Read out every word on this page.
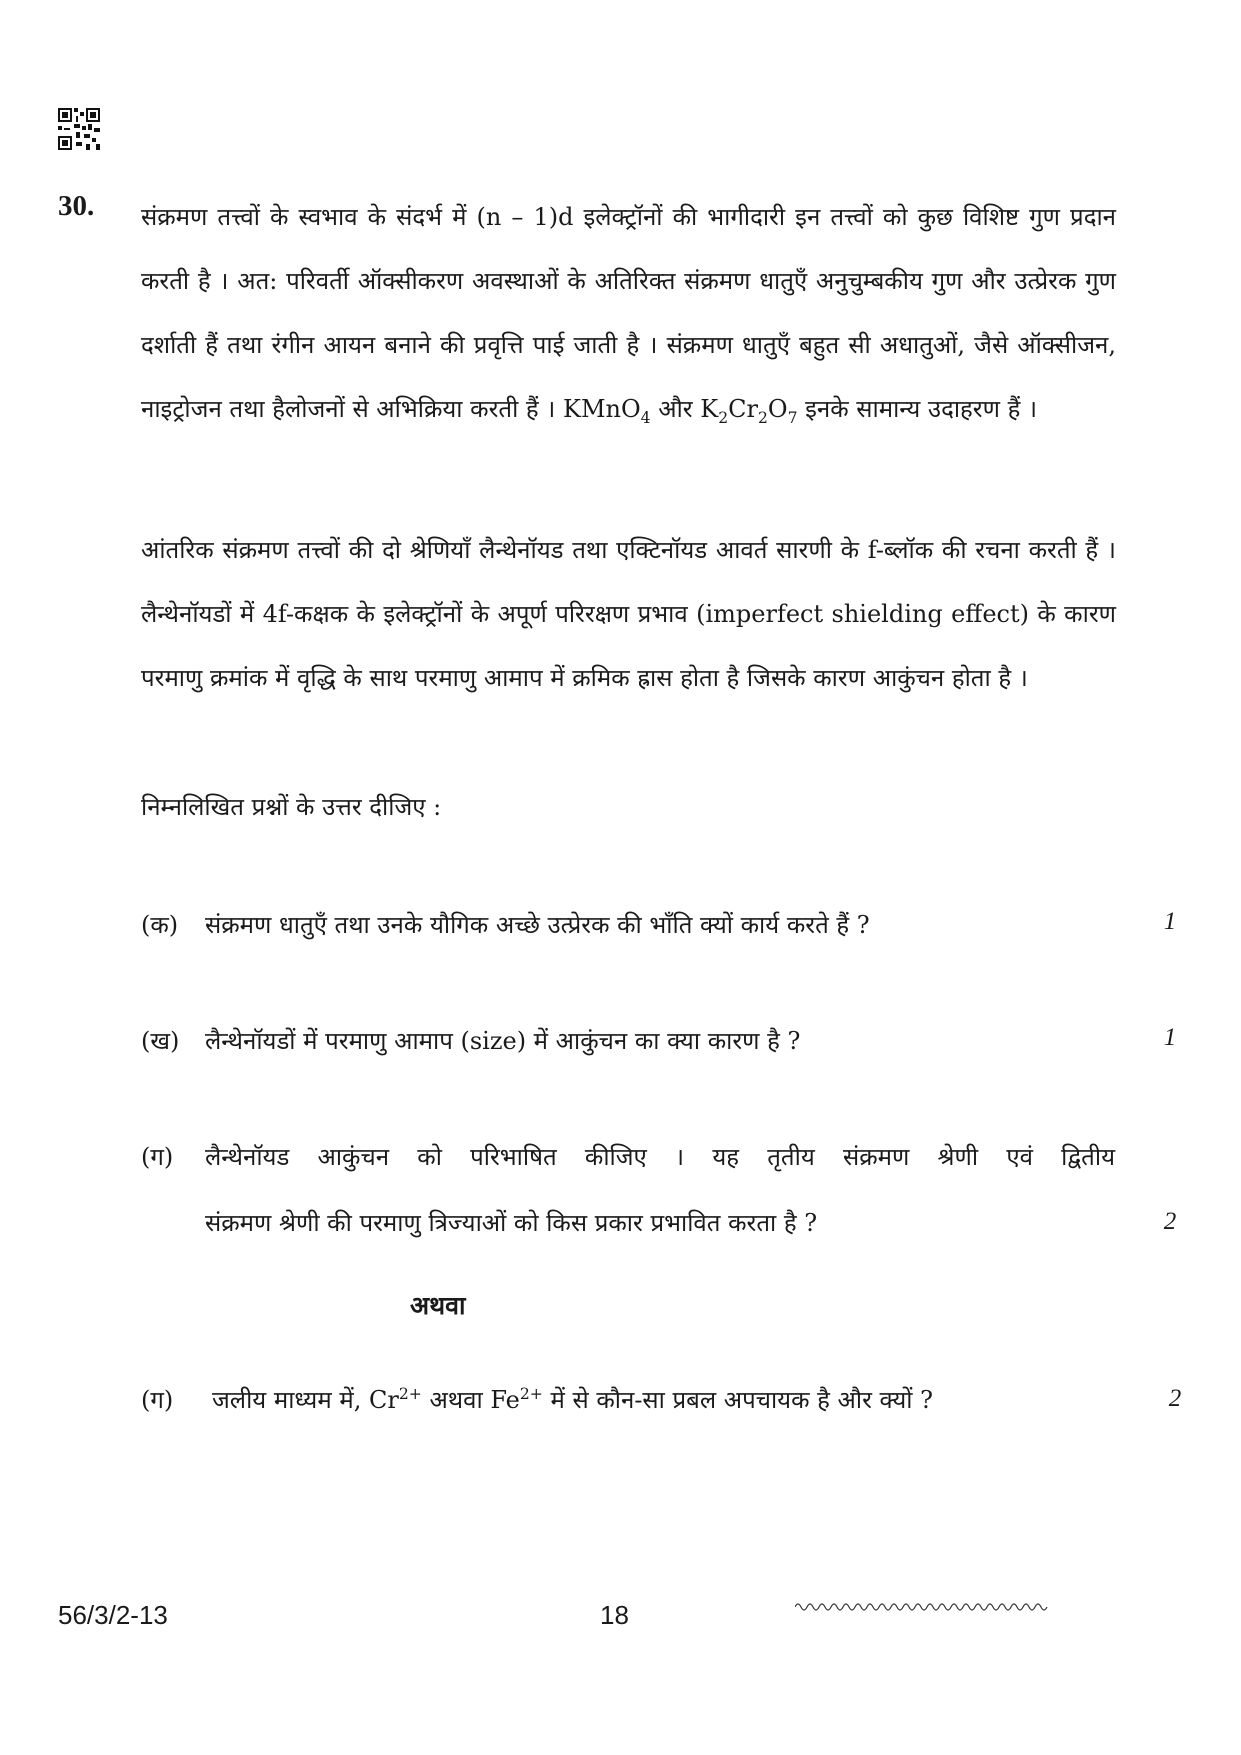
30. संक्रमण तत्त्वों के स्वभाव के संदर्भ में (n – 1)d इलेक्ट्रॉनों की भागीदारी इन तत्त्वों को कुछ विशिष्ट गुण प्रदान करती है । अत: परिवर्ती ऑक्सीकरण अवस्थाओं के अतिरिक्त संक्रमण धातुएँ अनुचुम्बकीय गुण और उत्प्रेरक गुण दर्शाती हैं तथा रंगीन आयन बनाने की प्रवृत्ति पाई जाती है । संक्रमण धातुएँ बहुत सी अधातुओं, जैसे ऑक्सीजन, नाइट्रोजन तथा हैलोजनों से अभिक्रिया करती हैं । KMnO$_4$ और $K_2Cr_2O_7$ इनके सामान्य उदाहरण हैं ।
आंतरिक संक्रमण तत्त्वों की दो श्रेणियाँ लैन्थेनॉयड तथा एक्टिनॉयड आवर्त सारणी के f-ब्लॉक की रचना करती हैं । लैन्थेनॉयडों में 4f-कक्षक के इलेक्ट्रॉनों के अपूर्ण परिरक्षण प्रभाव (imperfect shielding effect) के कारण परमाणु क्रमांक में वृद्धि के साथ परमाणु आमाप में क्रमिक ह्रास होता है जिसके कारण आकुंचन होता है ।
निम्नलिखित प्रश्नों के उत्तर दीजिए :
(क) संक्रमण धातुएँ तथा उनके यौगिक अच्छे उत्प्रेरक की भाँति क्यों कार्य करते हैं ?	1
(ख) लैन्थेनॉयडों में परमाणु आमाप (size) में आकुंचन का क्या कारण है ?	1
(ग) लैन्थेनॉयड आकुंचन को परिभाषित कीजिए । यह तृतीय संक्रमण श्रेणी एवं द्वितीय
संक्रमण श्रेणी की परमाणु त्रिज्याओं को किस प्रकार प्रभावित करता है ?	2
अथवा
(ग) जलीय माध्यम में, $Cr^{2+}$ अथवा $Fe^{2+}$ में से कौन-सा प्रबल अपचायक है और क्यों ?	2
56/3/2-13	18
